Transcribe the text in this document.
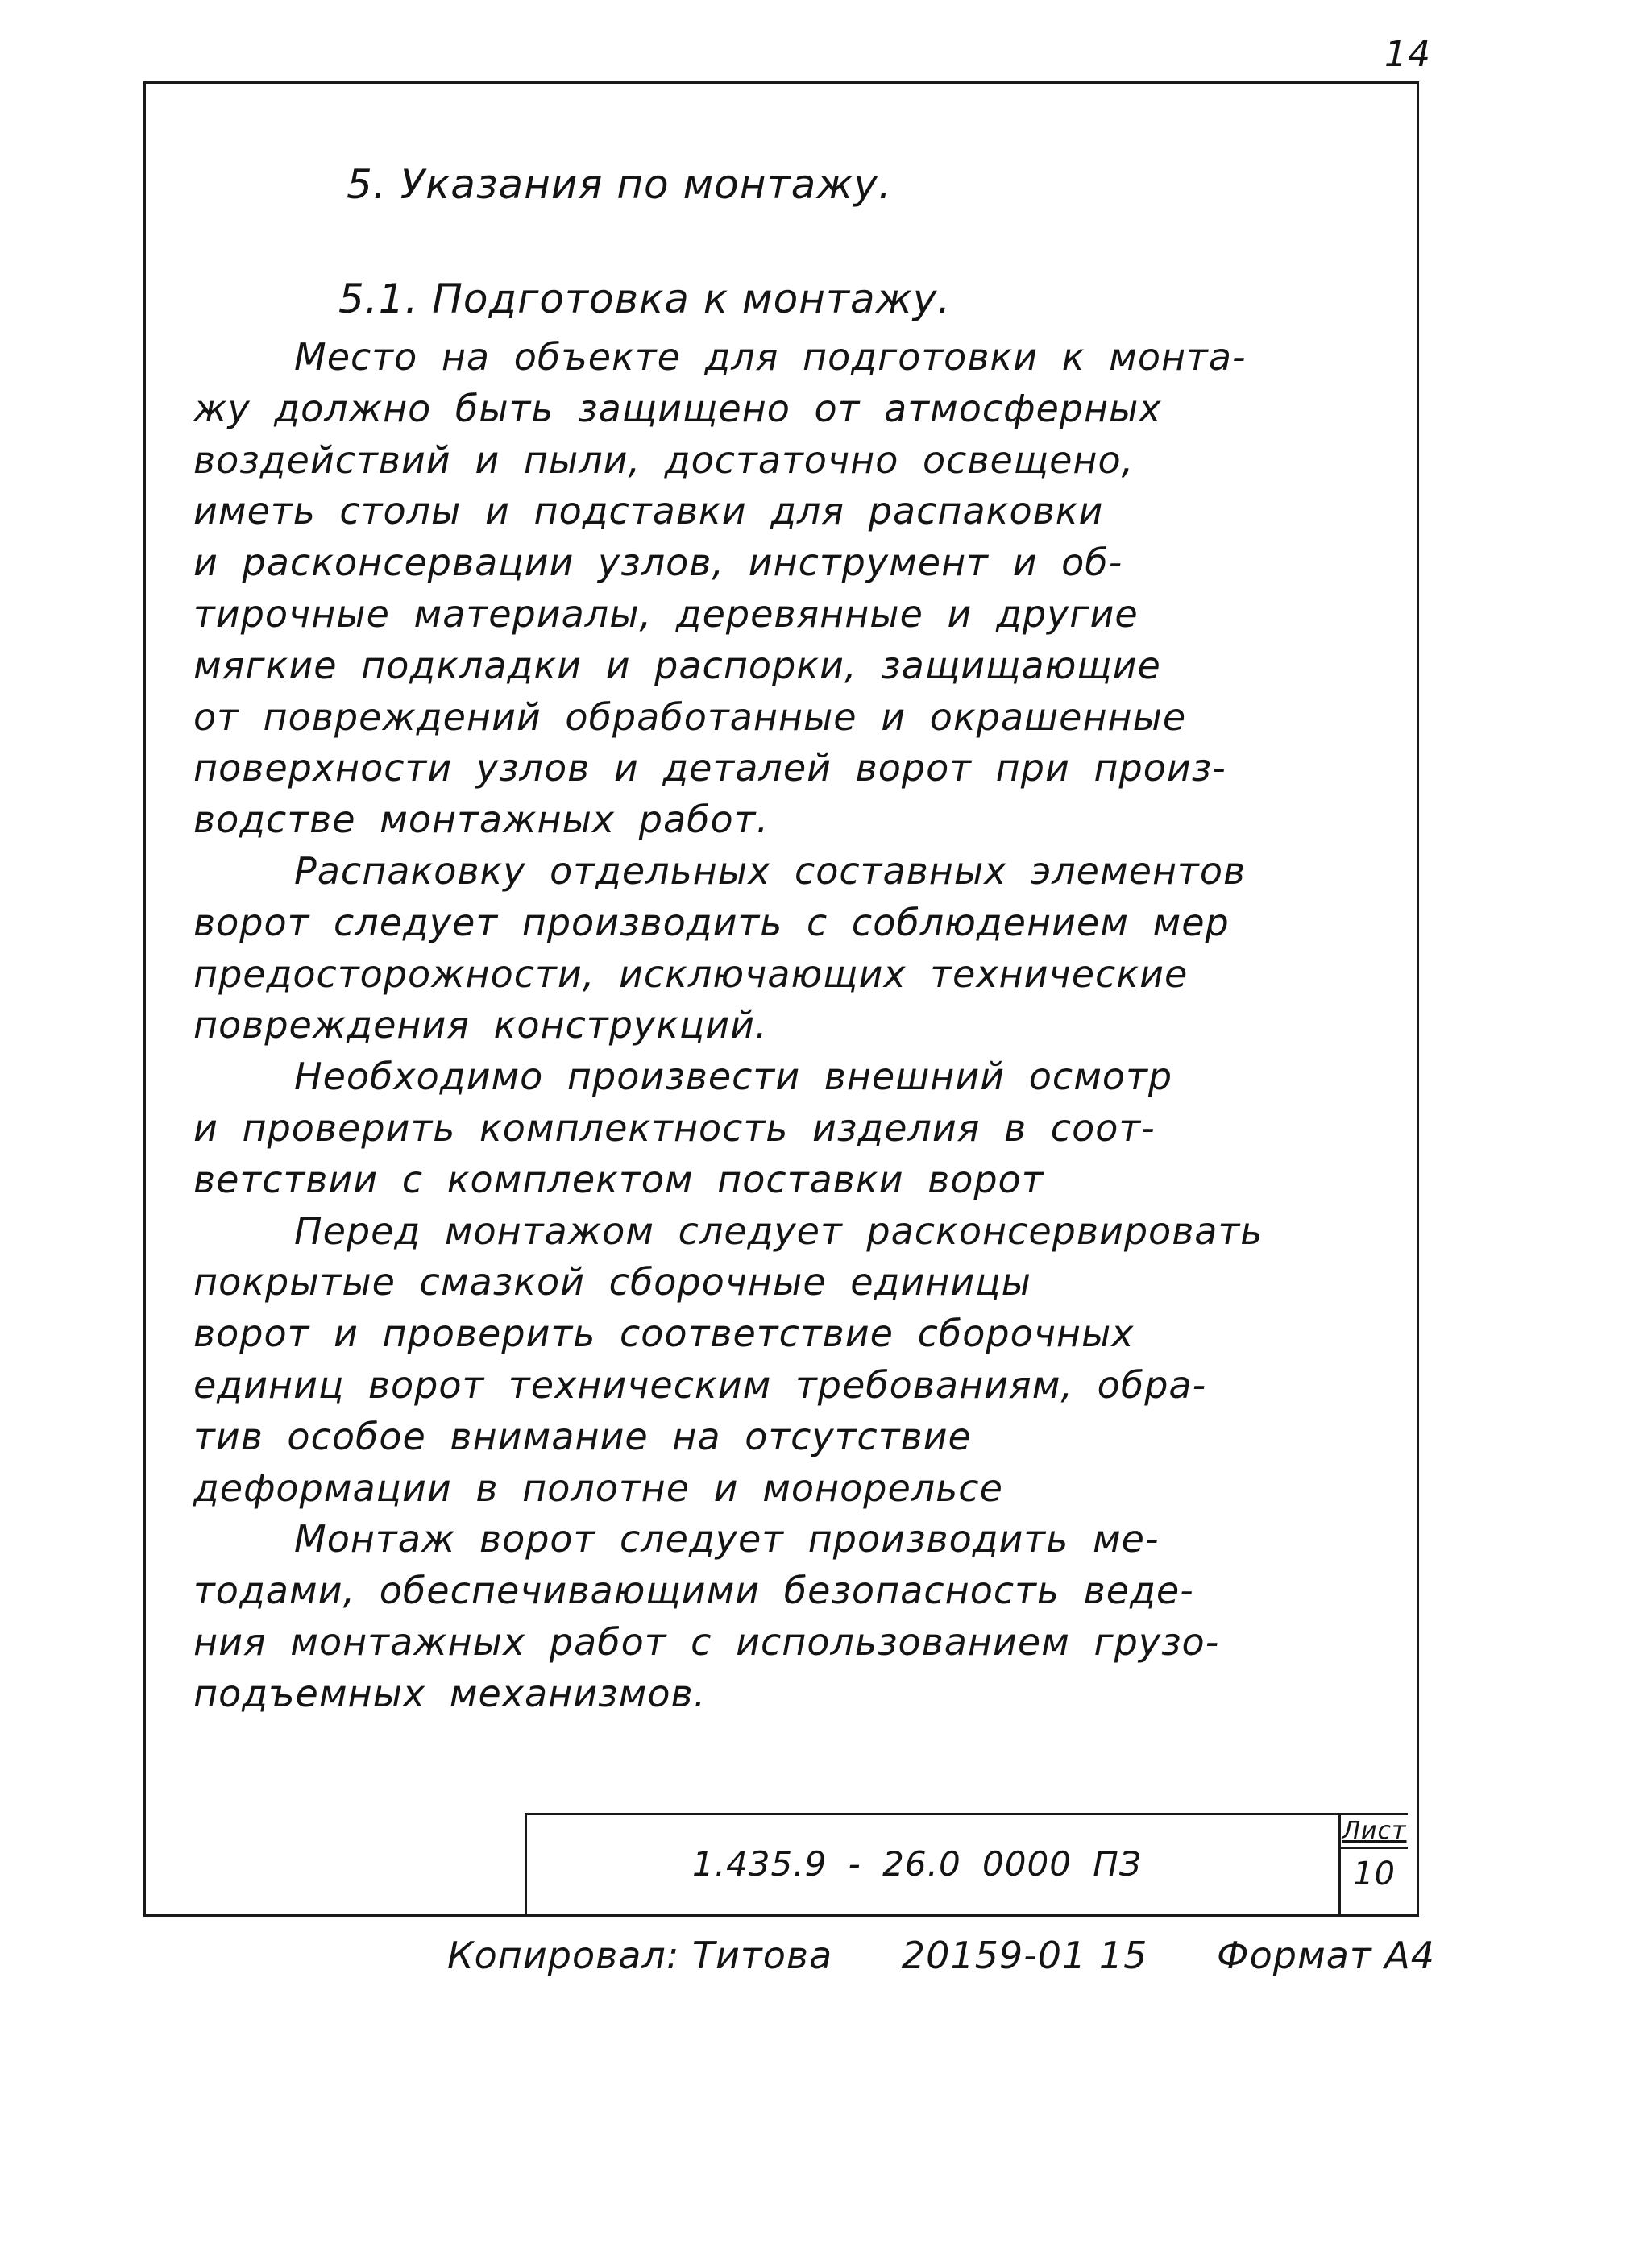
14
5. Указания по монтажу.
5.1. Подготовка к монтажу.
Место на объекте для подготовки к монта-
жу должно быть защищено от атмосферных
воздействий и пыли, достаточно освещено,
иметь столы и подставки для распаковки
и расконсервации узлов, инструмент и об-
тирочные материалы, деревянные и другие
мягкие подкладки и распорки, защищающие
от повреждений обработанные и окрашенные
поверхности узлов и деталей ворот при произ-
водстве монтажных работ.
Распаковку отдельных составных элементов
ворот следует производить с соблюдением мер
предосторожности, исключающих технические
повреждения конструкций.
Необходимо произвести внешний осмотр
и проверить комплектность изделия в соот-
ветствии с комплектом поставки ворот
Перед монтажом следует расконсервировать
покрытые смазкой сборочные единицы
ворот и проверить соответствие сборочных
единиц ворот техническим требованиям, обра-
тив особое внимание на отсутствие
деформации в полотне и монорельсе
Монтаж ворот следует производить ме-
тодами, обеспечивающими безопасность веде-
ния монтажных работ с использованием грузо-
подъемных механизмов.
1.435.9 - 26.0 0000 ПЗ
Лист
10
Копировал: Титова 20159-01 15 Формат А4
